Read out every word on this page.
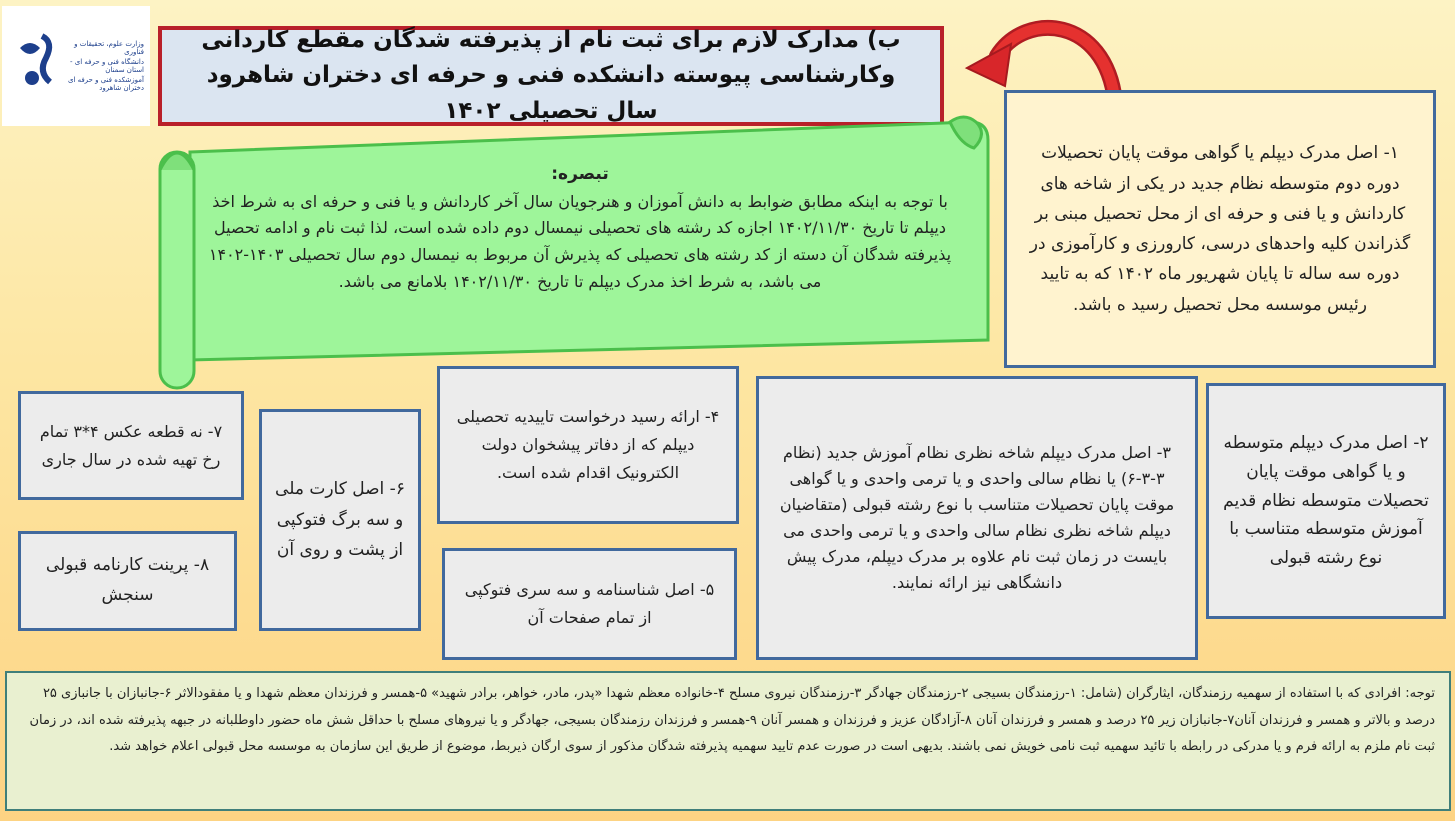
وزارت علوم، تحقیقات و فناوری
دانشگاه فنی و حرفه ای - استان سمنان
آموزشکده فنی و حرفه ای دختران شاهرود
ب) مدارک لازم برای ثبت نام از پذیرفته شدگان مقطع کاردانی وکارشناسی پیوسته دانشکده فنی و حرفه ای دختران شاهرود سال تحصیلی ۱۴۰۲
تبصره:
با توجه به اینکه مطابق ضوابط به دانش آموزان و هنرجویان سال آخر کاردانش و یا فنی و حرفه ای به شرط اخذ دیپلم تا تاریخ ۱۴۰۲/۱۱/۳۰ اجازه کد رشته های تحصیلی نیمسال دوم داده شده است، لذا ثبت نام و ادامه تحصیل پذیرفته شدگان آن دسته از کد رشته های تحصیلی که پذیرش آن مربوط به نیمسال دوم سال تحصیلی ۱۴۰۳-۱۴۰۲ می باشد، به شرط اخذ مدرک دیپلم تا تاریخ ۱۴۰۲/۱۱/۳۰ بلامانع می باشد.
۱- اصل مدرک دیپلم یا گواهی موقت پایان تحصیلات دوره دوم متوسطه نظام جدید در یکی از شاخه های کاردانش و یا فنی و حرفه ای از محل تحصیل مبنی بر گذراندن کلیه واحدهای درسی، کارورزی و کارآموزی در دوره سه ساله تا پایان شهریور ماه ۱۴۰۲ که به تایید رئیس موسسه محل تحصیل رسید ه باشد.
۲- اصل مدرک دیپلم متوسطه و یا گواهی موقت پایان تحصیلات متوسطه نظام قدیم آموزش متوسطه متناسب با نوع رشته قبولی
۳- اصل مدرک دیپلم شاخه نظری نظام آموزش جدید (نظام ۳-۳-۶) یا نظام سالی واحدی و یا ترمی واحدی و یا گواهی موقت پایان تحصیلات متناسب با نوع رشته قبولی (متقاضیان دیپلم شاخه نظری نظام سالی واحدی و یا ترمی واحدی می بایست در زمان ثبت نام علاوه بر مدرک دیپلم، مدرک پیش دانشگاهی نیز ارائه نمایند.
۴- ارائه رسید درخواست تاییدیه تحصیلی دیپلم که از دفاتر پیشخوان دولت الکترونیک اقدام شده است.
۵- اصل شناسنامه و سه سری فتوکپی از تمام صفحات آن
۶- اصل کارت ملی و سه برگ فتوکپی از پشت و روی آن
۷- نه قطعه عکس ۴*۳ تمام رخ تهیه شده در سال جاری
۸- پرینت کارنامه قبولی سنجش
توجه: افرادی که با استفاده از سهمیه رزمندگان، ایثارگران (شامل: ۱-رزمندگان بسیجی ۲-رزمندگان جهادگر ۳-رزمندگان نیروی مسلح ۴-خانواده معظم شهدا «پدر، مادر، خواهر، برادر شهید» ۵-همسر و فرزندان معظم شهدا و یا مفقودالاثر ۶-جانبازان با جانبازی ۲۵ درصد و بالاتر و همسر و فرزندان آنان۷-جانبازان زیر ۲۵ درصد و همسر و فرزندان آنان ۸-آزادگان عزیز و فرزندان و همسر آنان ۹-همسر و فرزندان رزمندگان بسیجی، جهادگر و یا نیروهای مسلح با حداقل شش ماه حضور داوطلبانه در جبهه پذیرفته شده اند، در زمان ثبت نام ملزم به ارائه فرم و یا مدرکی در رابطه با تائید سهمیه ثبت نامی خویش نمی باشند. بدیهی است در صورت عدم تایید سهمیه پذیرفته شدگان مذکور از سوی ارگان ذیربط، موضوع از طریق این سازمان به موسسه محل قبولی اعلام خواهد شد.
